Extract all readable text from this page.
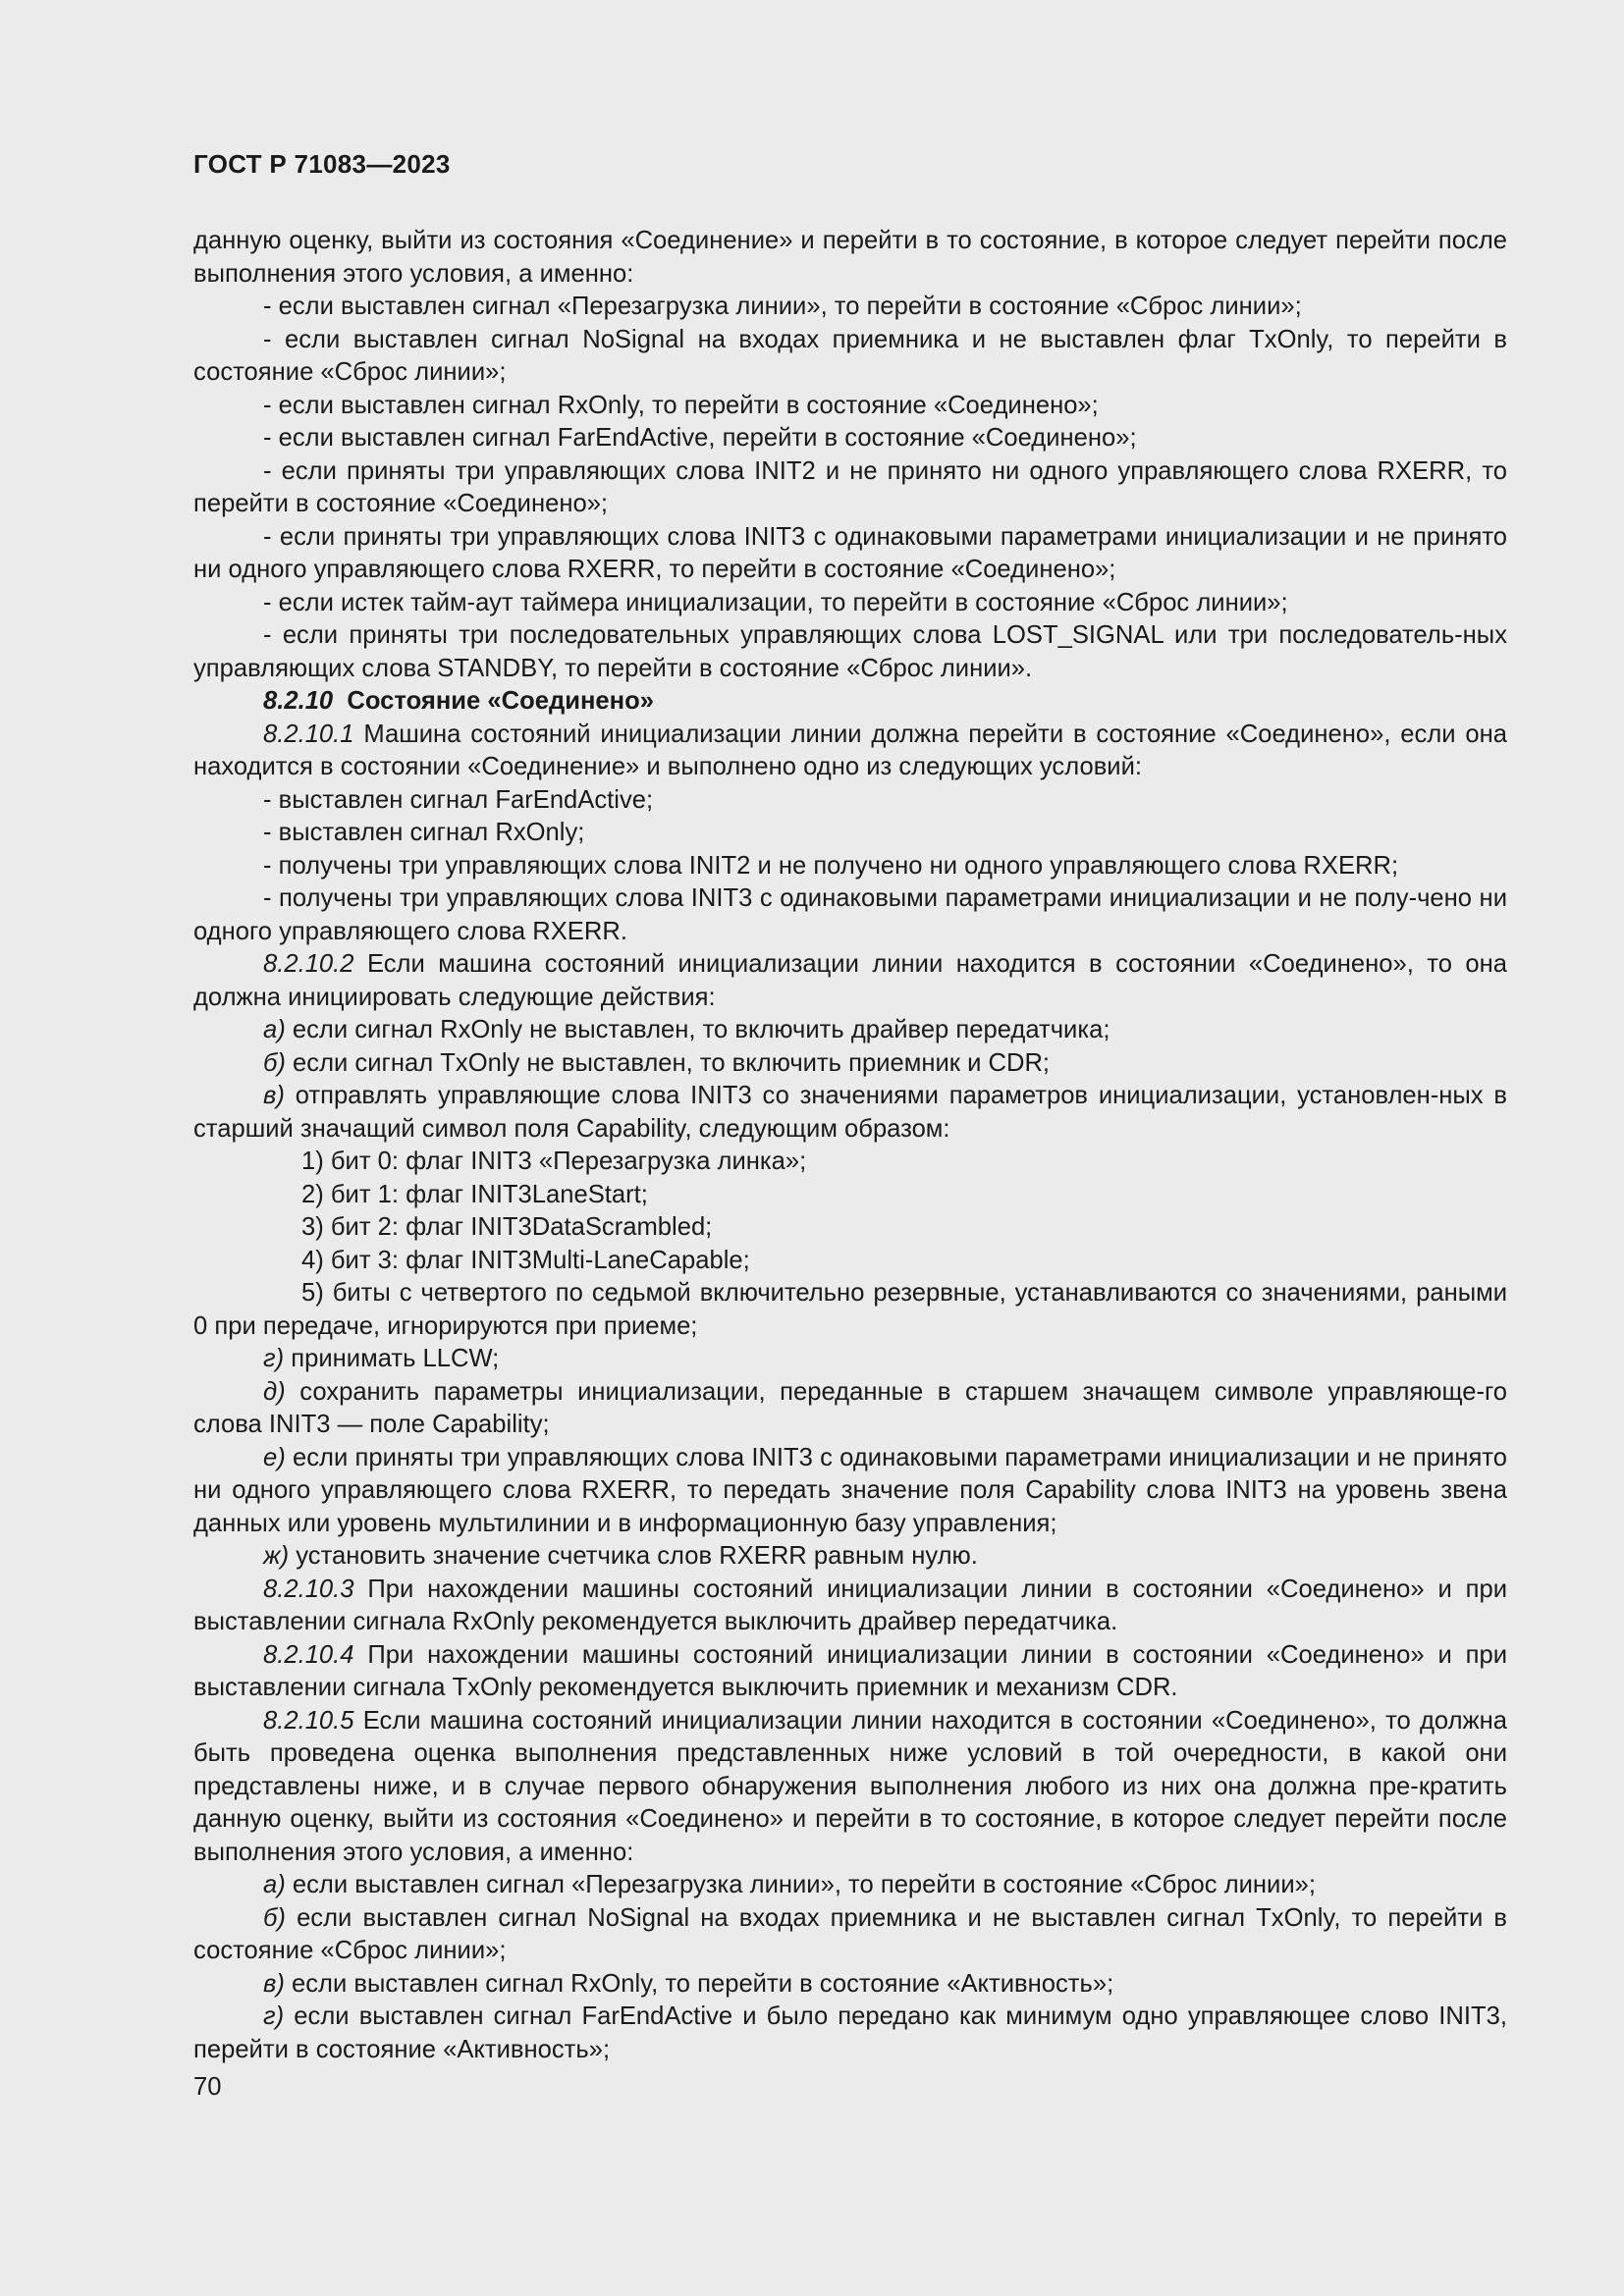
ГОСТ Р 71083—2023

данную оценку, выйти из состояния «Соединение» и перейти в то состояние, в которое следует перейти после выполнения этого условия, а именно:

- если выставлен сигнал «Перезагрузка линии», то перейти в состояние «Сброс линии»;

- если выставлен сигнал NoSignal на входах приемника и не выставлен флаг TxOnly, то перейти в состояние «Сброс линии»;

- если выставлен сигнал RxOnly, то перейти в состояние «Соединено»;

- если выставлен сигнал FarEndActive, перейти в состояние «Соединено»;

- если приняты три управляющих слова INIT2 и не принято ни одного управляющего слова RXERR, то перейти в состояние «Соединено»;

- если приняты три управляющих слова INIT3 с одинаковыми параметрами инициализации и не принято ни одного управляющего слова RXERR, то перейти в состояние «Соединено»;

- если истек тайм-аут таймера инициализации, то перейти в состояние «Сброс линии»;

- если приняты три последовательных управляющих слова LOST_SIGNAL или три последователь-ных управляющих слова STANDBY, то перейти в состояние «Сброс линии».

8.2.10 Состояние «Соединено»

8.2.10.1 Машина состояний инициализации линии должна перейти в состояние «Соединено», если она находится в состоянии «Соединение» и выполнено одно из следующих условий:

- выставлен сигнал FarEndActive;

- выставлен сигнал RxOnly;

- получены три управляющих слова INIT2 и не получено ни одного управляющего слова RXERR;

- получены три управляющих слова INIT3 с одинаковыми параметрами инициализации и не полу-чено ни одного управляющего слова RXERR.

8.2.10.2 Если машина состояний инициализации линии находится в состоянии «Соединено», то она должна инициировать следующие действия:

а) если сигнал RxOnly не выставлен, то включить драйвер передатчика;

б) если сигнал TxOnly не выставлен, то включить приемник и CDR;

в) отправлять управляющие слова INIT3 со значениями параметров инициализации, установлен-ных в старший значащий символ поля Capability, следующим образом:

1) бит 0: флаг INIT3 «Перезагрузка линка»;

2) бит 1: флаг INIT3LaneStart;

3) бит 2: флаг INIT3DataScrambled;

4) бит 3: флаг INIT3Multi-LaneCapable;

5) биты с четвертого по седьмой включительно резервные, устанавливаются со значениями, раными 0 при передаче, игнорируются при приеме;

г) принимать LLCW;

д) сохранить параметры инициализации, переданные в старшем значащем символе управляюще-го слова INIT3 — поле Capability;

е) если приняты три управляющих слова INIT3 с одинаковыми параметрами инициализации и не принято ни одного управляющего слова RXERR, то передать значение поля Capability слова INIT3 на уровень звена данных или уровень мультилинии и в информационную базу управления;

ж) установить значение счетчика слов RXERR равным нулю.

8.2.10.3 При нахождении машины состояний инициализации линии в состоянии «Соединено» и при выставлении сигнала RxOnly рекомендуется выключить драйвер передатчика.

8.2.10.4 При нахождении машины состояний инициализации линии в состоянии «Соединено» и при выставлении сигнала TxOnly рекомендуется выключить приемник и механизм CDR.

8.2.10.5 Если машина состояний инициализации линии находится в состоянии «Соединено», то должна быть проведена оценка выполнения представленных ниже условий в той очередности, в какой они представлены ниже, и в случае первого обнаружения выполнения любого из них она должна пре-кратить данную оценку, выйти из состояния «Соединено» и перейти в то состояние, в которое следует перейти после выполнения этого условия, а именно:

а) если выставлен сигнал «Перезагрузка линии», то перейти в состояние «Сброс линии»;

б) если выставлен сигнал NoSignal на входах приемника и не выставлен сигнал TxOnly, то перейти в состояние «Сброс линии»;

в) если выставлен сигнал RxOnly, то перейти в состояние «Активность»;

г) если выставлен сигнал FarEndActive и было передано как минимум одно управляющее слово INIT3, перейти в состояние «Активность»;

70
